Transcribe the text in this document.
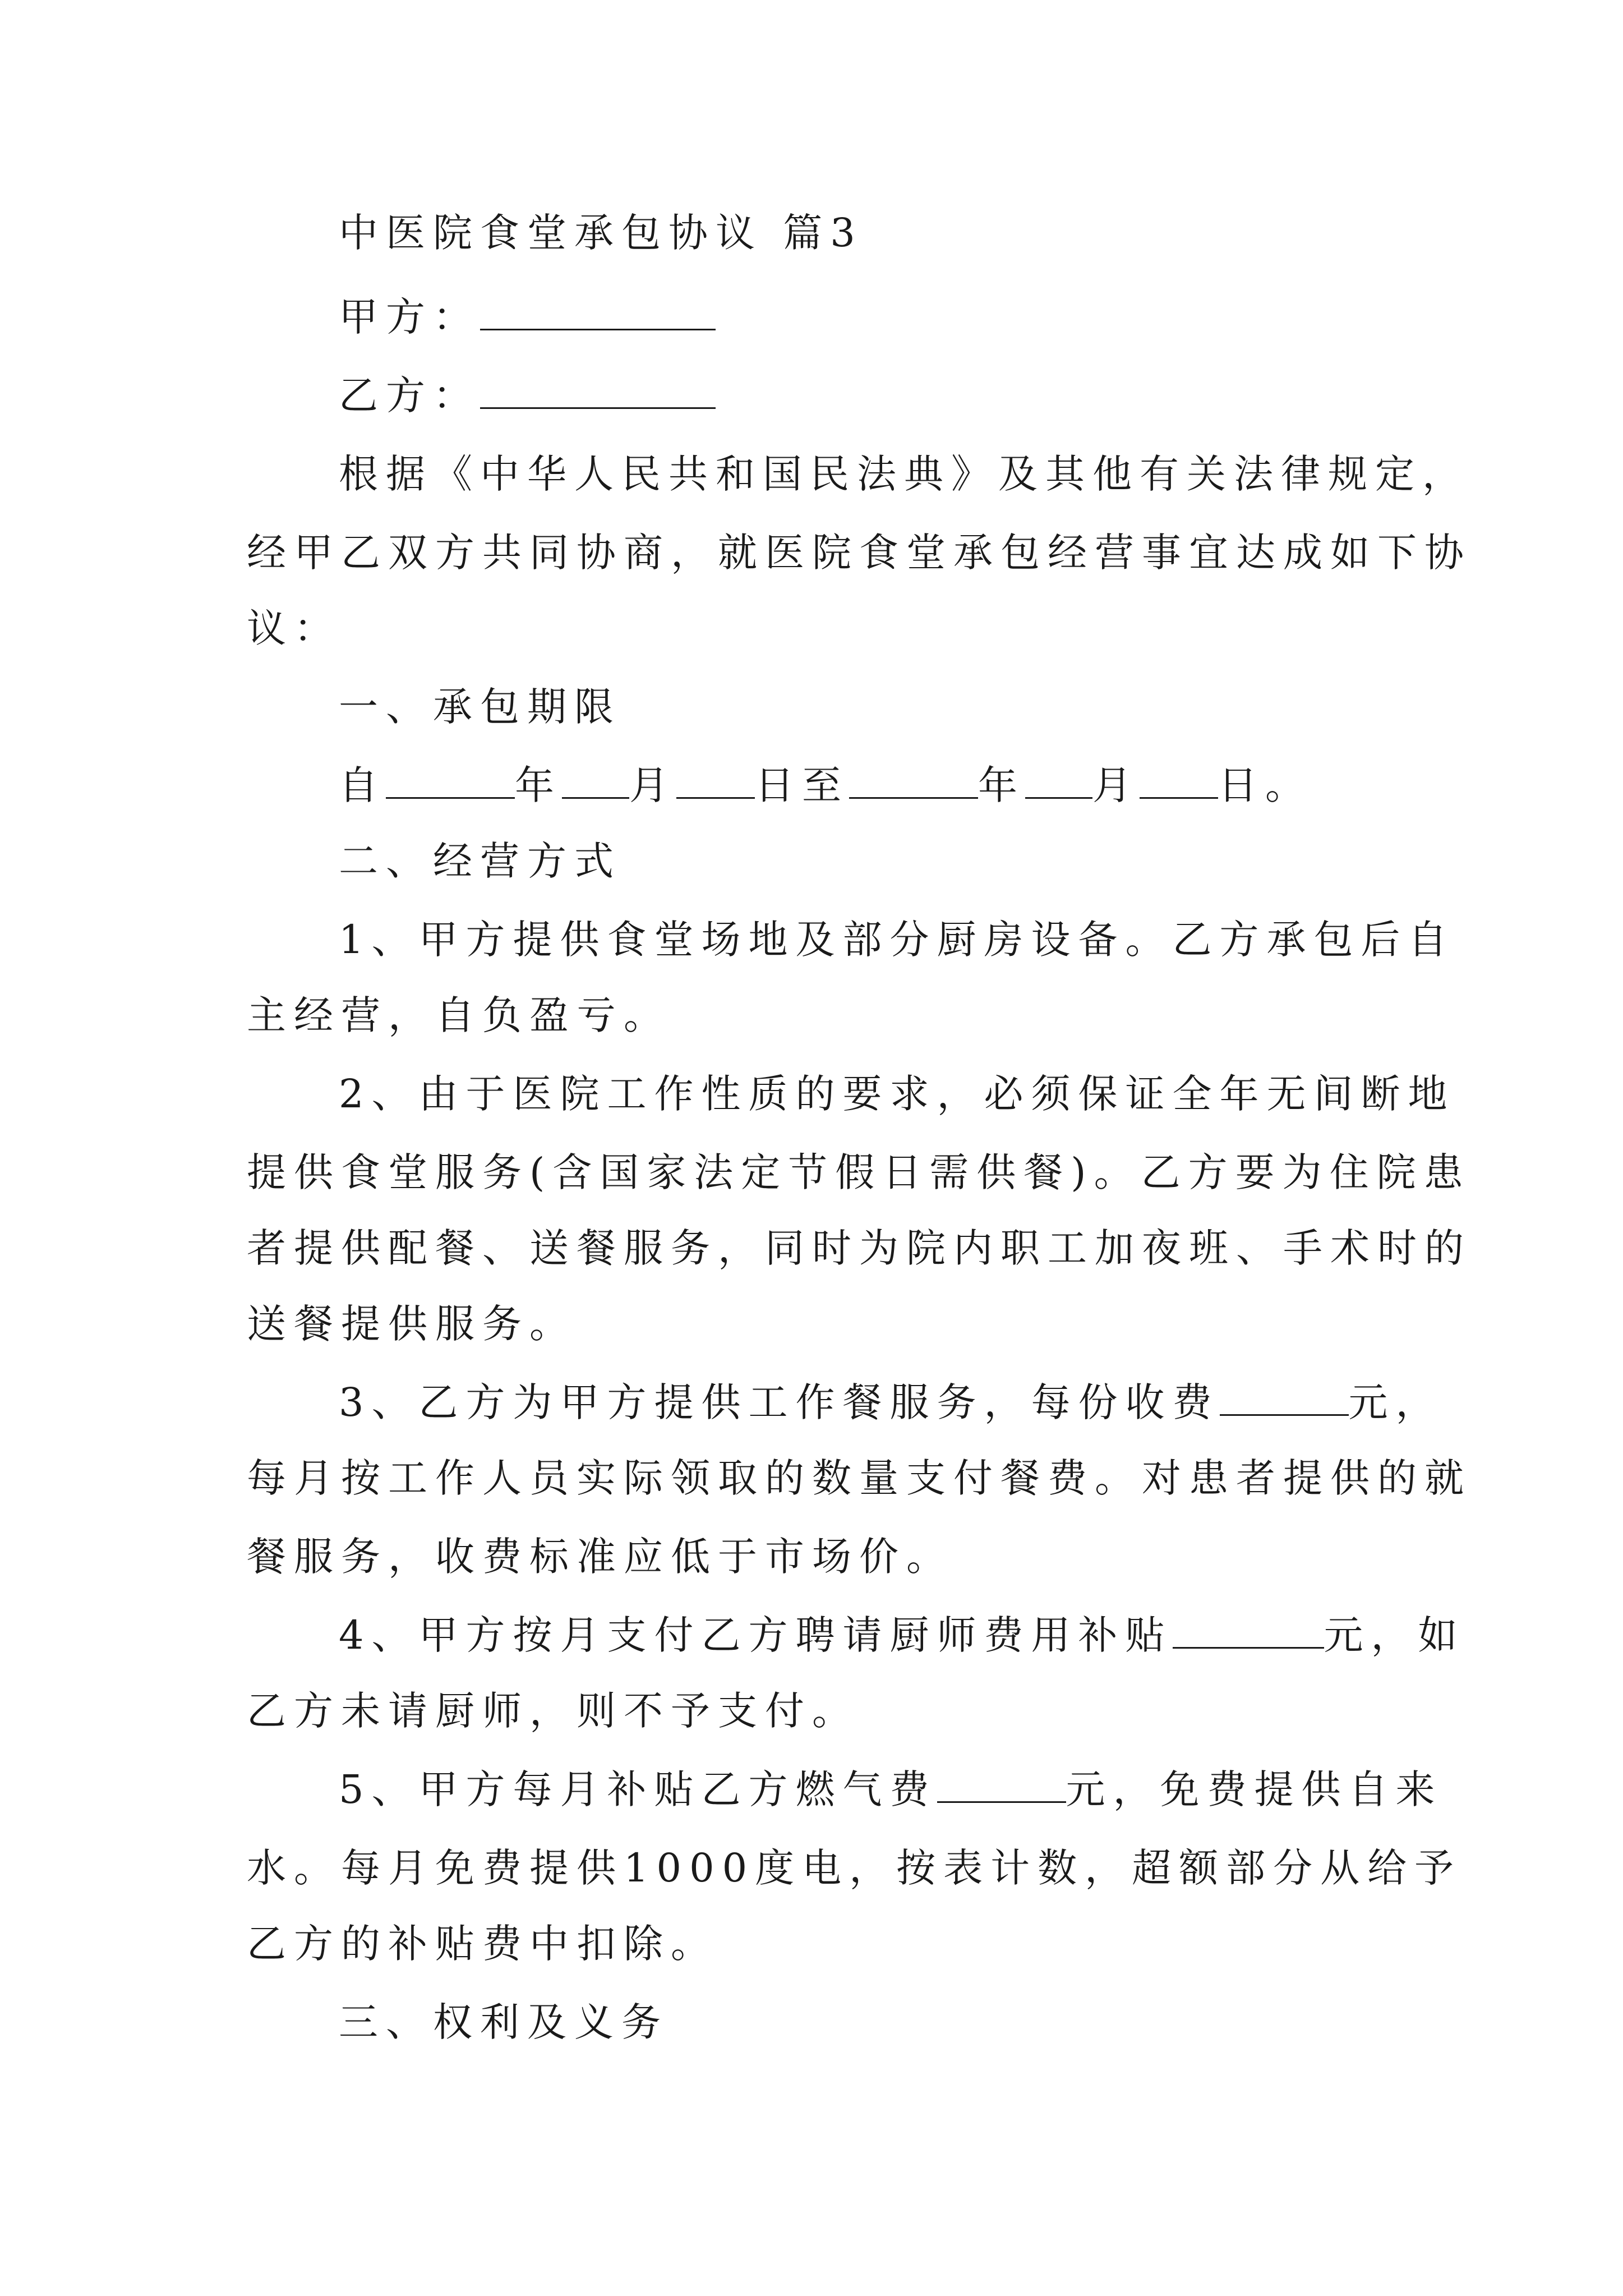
中医院食堂承包协议 篇3
甲方：
乙方：
根据《中华人民共和国民法典》及其他有关法律规定，
经甲乙双方共同协商，就医院食堂承包经营事宜达成如下协
议：
一、承包期限
自	年 月 日至	年 月 日。
二、经营方式
1、甲方提供食堂场地及部分厨房设备。乙方承包后自
主经营，自负盈亏。
2、由于医院工作性质的要求，必须保证全年无间断地
提供食堂服务(含国家法定节假日需供餐)。乙方要为住院患
者提供配餐、送餐服务，同时为院内职工加夜班、手术时的
送餐提供服务。
3、乙方为甲方提供工作餐服务，每份收费	元，
每月按工作人员实际领取的数量支付餐费。对患者提供的就
餐服务，收费标准应低于市场价。
4、甲方按月支付乙方聘请厨师费用补贴	元，如
乙方未请厨师，则不予支付。
5、甲方每月补贴乙方燃气费	元，免费提供自来
水。每月免费提供1000度电，按表计数，超额部分从给予
乙方的补贴费中扣除。
三、权利及义务
